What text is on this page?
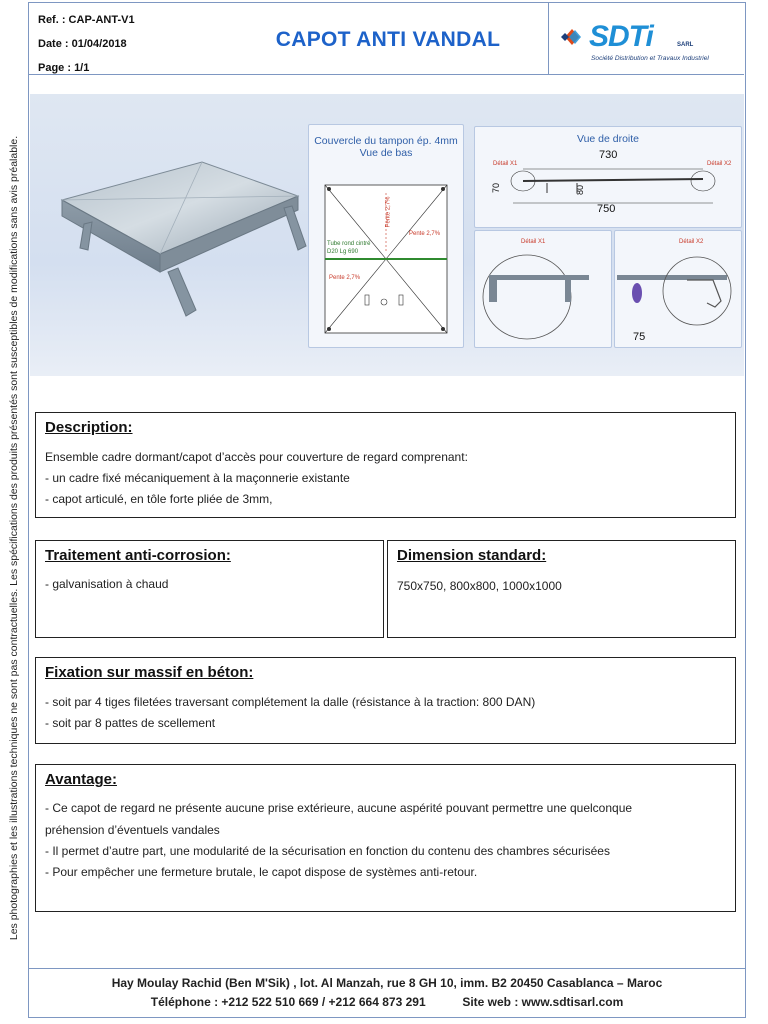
Les photographies et les illustrations techniques ne sont pas contractuelles. Les spécifications des produits présentés sont susceptibles de modifications sans avis préalable.
Ref. : CAP-ANT-V1
Date : 01/04/2018
Page : 1/1
CAPOT ANTI VANDAL	SDTi	SARL
Société Distribution et Travaux Industriel
Couvercle du tampon ép. 4mm
Vue de bas
Tube rond cintré
D20 Lg 690
Pente 2,7%
Pente 2,7%
Pente 2,7%
Vue de droite
730
750
70	80
Détail X1	Détail X2
Détail X1	Détail X2
75
Description:
Ensemble cadre dormant/capot d’accès pour couverture de regard comprenant:
- un cadre fixé mécaniquement à la maçonnerie existante
- capot articulé, en tôle forte pliée de 3mm,
Traitement anti-corrosion:
- galvanisation à chaud
Dimension standard:
750x750, 800x800, 1000x1000
Fixation sur massif en béton:
- soit par 4 tiges filetées traversant complétement la dalle (résistance à la traction: 800 DAN)
- soit par 8 pattes de scellement
Avantage:
- Ce capot de regard ne présente aucune prise extérieure, aucune aspérité pouvant permettre une quelconque
préhension d’éventuels vandales
- Il permet d’autre part, une modularité de la sécurisation en fonction du contenu des chambres sécurisées
- Pour empêcher une fermeture brutale, le capot dispose de systèmes anti-retour.
Hay Moulay Rachid (Ben M'Sik) , lot. Al Manzah, rue 8 GH 10, imm. B2 20450 Casablanca – Maroc
Téléphone : +212 522 510 669 / +212 664 873 291	Site web : www.sdtisarl.com
